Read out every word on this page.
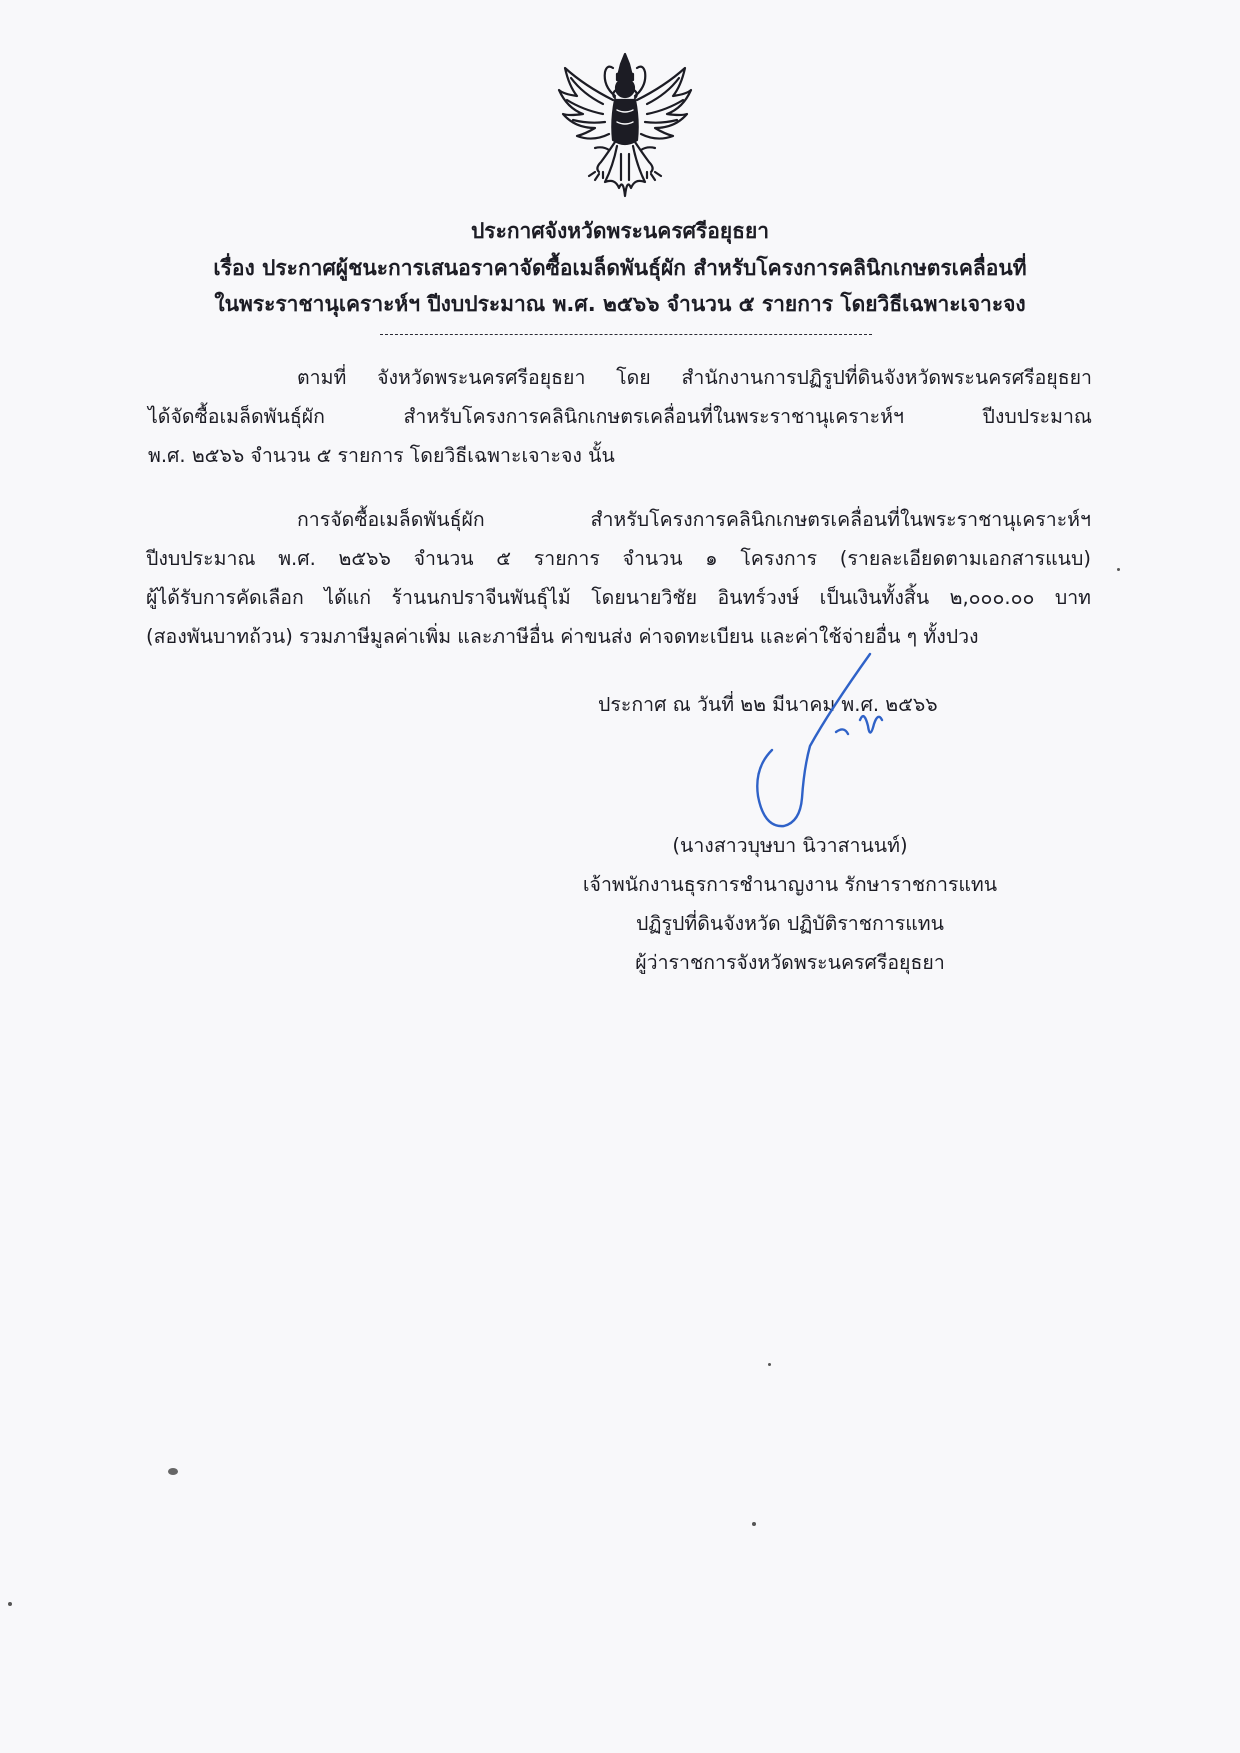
ประกาศจังหวัดพระนครศรีอยุธยา
เรื่อง ประกาศผู้ชนะการเสนอราคาจัดซื้อเมล็ดพันธุ์ผัก สำหรับโครงการคลินิกเกษตรเคลื่อนที่
ในพระราชานุเคราะห์ฯ ปีงบประมาณ พ.ศ. ๒๕๖๖ จำนวน ๕ รายการ โดยวิธีเฉพาะเจาะจง
ตามที่ จังหวัดพระนครศรีอยุธยา โดย สำนักงานการปฏิรูปที่ดินจังหวัดพระนครศรีอยุธยา
ได้จัดซื้อเมล็ดพันธุ์ผัก สำหรับโครงการคลินิกเกษตรเคลื่อนที่ในพระราชานุเคราะห์ฯ ปีงบประมาณ
พ.ศ. ๒๕๖๖ จำนวน ๕ รายการ โดยวิธีเฉพาะเจาะจง นั้น
การจัดซื้อเมล็ดพันธุ์ผัก สำหรับโครงการคลินิกเกษตรเคลื่อนที่ในพระราชานุเคราะห์ฯ
ปีงบประมาณ พ.ศ. ๒๕๖๖ จำนวน ๕ รายการ จำนวน ๑ โครงการ (รายละเอียดตามเอกสารแนบ)
ผู้ได้รับการคัดเลือก ได้แก่ ร้านนกปราจีนพันธุ์ไม้ โดยนายวิชัย อินทร์วงษ์ เป็นเงินทั้งสิ้น ๒,๐๐๐.๐๐ บาท
(สองพันบาทถ้วน) รวมภาษีมูลค่าเพิ่ม และภาษีอื่น ค่าขนส่ง ค่าจดทะเบียน และค่าใช้จ่ายอื่น ๆ ทั้งปวง
ประกาศ ณ วันที่ ๒๒ มีนาคม พ.ศ. ๒๕๖๖
(นางสาวบุษบา นิวาสานนท์)
เจ้าพนักงานธุรการชำนาญงาน รักษาราชการแทน
ปฏิรูปที่ดินจังหวัด ปฏิบัติราชการแทน
ผู้ว่าราชการจังหวัดพระนครศรีอยุธยา
